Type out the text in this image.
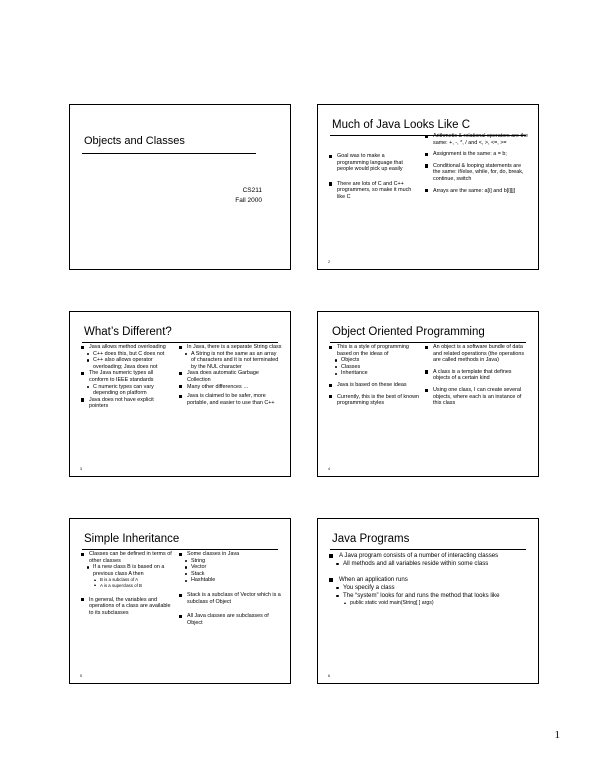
Objects and Classes
CS211
Fall 2000
Much of Java Looks Like C
Goal was to make a programming language that people would pick up easily
There are lots of C and C++ programmers, so make it much like C
Arithmetic & relational operators are the same: +, -, *, / and <, >, <=, >=
Assignment is the same: a = b;
Conditional & looping statements are the same: if/else, while, for, do, break, continue, switch
Arrays are the same: a[i] and b[i][j]
2
What’s Different?
Java allows method overloading
C++ does this, but C does not
C++ also allows operator overloading; Java does not
The Java numeric types all conform to IEEE standards
C numeric types can vary depending on platform
Java does not have explicit pointers
In Java, there is a separate String class
A String is not the same as an array of characters and it is not terminated by the NUL character
Java does automatic Garbage Collection
Many other differences …
Java is claimed to be safer, more portable, and easier to use than C++
3
Object Oriented Programming
This is a style of programming based on the ideas of
Objects
Classes
Inheritance
Java is based on these ideas
Currently, this is the best of known programming styles
An object is a software bundle of data and related operations (the operations are called methods in Java)
A class is a template that defines objects of a certain kind
Using one class, I can create several objects, where each is an instance of this class
4
Simple Inheritance
Classes can be defined in terms of other classes
If a new class B is based on a previous class A then
B is a subclass of A
A is a superclass of B
In general, the variables and operations of a class are available to its subclasses
Some classes in Java
String
Vector
Stack
Hashtable
Stack is a subclass of Vector which is a subclass of Object
All Java classes are subclasses of Object
5
Java Programs
A Java program consists of a number of interacting classes
All methods and all variables reside within some class
When an application runs
You specify a class
The “system” looks for and runs the method that looks like
public static void main(String[ ] args)
6
1
